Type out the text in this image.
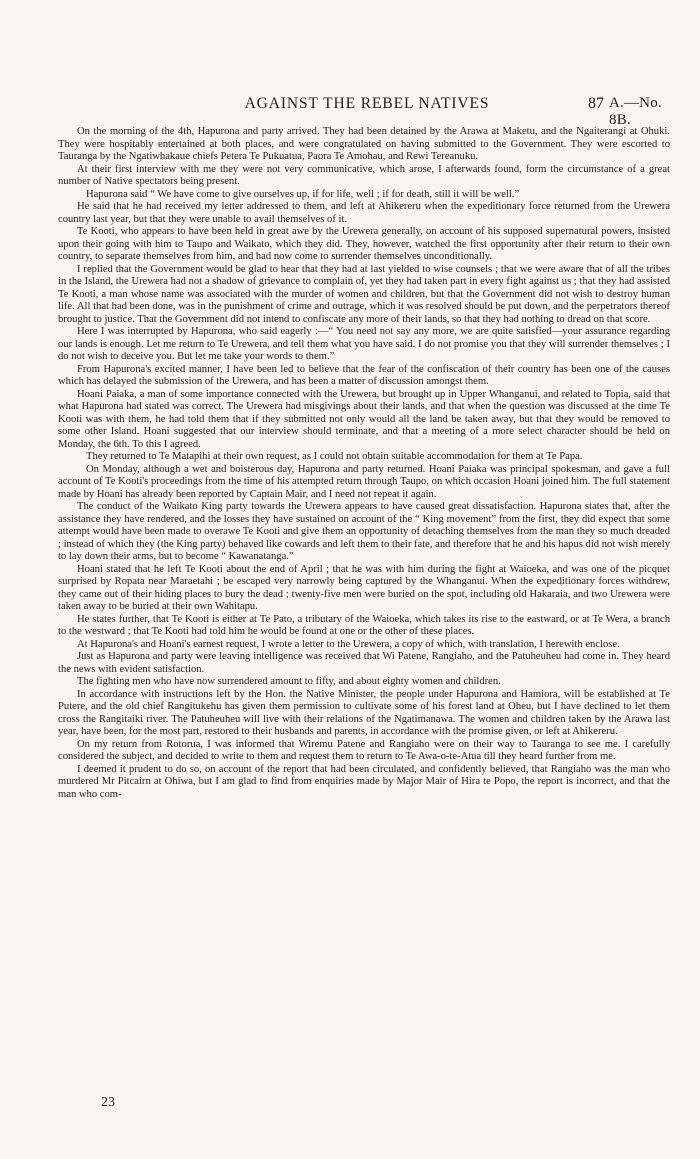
AGAINST THE REBEL NATIVES	87 A.—No. 8B.

On the morning of the 4th, Hapurona and party arrived. They had been detained by the Arawa at Maketu, and the Ngaiterangi at Ohuki. They were hospitably entertained at both places, and were congratulated on having submitted to the Government. They were escorted to Tauranga by the Ngatiwhakaue chiefs Petera Te Pukuatua, Paora Te Amohau, and Rewi Tereanuku.

At their first interview with me they were not very communicative, which arose, I afterwards found, form the circumstance of a great number of Native spectators being present.

Hapurona said “ We have come to give ourselves up, if for life, well ; if for death, still it will be well.”

He said that he had received my letter addressed to them, and left at Ahikereru when the expeditionary force returned from the Urewera country last year, but that they were unable to avail themselves of it.

Te Kooti, who appears to have been held in great awe by the Urewera generally, on account of his supposed supernatural powers, insisted upon their going with him to Taupo and Waikato, which they did. They, however, watched the first opportunity after their return to their own country, to separate themselves from him, and had now come to surrender themselves unconditionally.

I replied that the Government would be glad to hear that they had at last yielded to wise counsels ; that we were aware that of all the tribes in the Island, the Urewera had not a shadow of grievance to complain of, yet they had taken part in every fight against us ; that they had assisted Te Kooti, a man whose name was associated with the murder of women and children, but that the Government did not wish to destroy human life. All that had been done, was in the punishment of crime and outrage, which it was resolved should be put down, and the perpetrators thereof brought to justice. That the Government did not intend to confiscate any more of their lands, so that they had nothing to dread on that score.

Here I was interrupted by Hapurona, who said eagerly :—“ You need not say any more, we are quite satisfied—your assurance regarding our lands is enough. Let me return to Te Urewera, and tell them what you have said. I do not promise you that they will surrender themselves ; I do not wish to deceive you. But let me take your words to them.”

From Hapurona's excited manner, I have been led to believe that the fear of the confiscation of their country has been one of the causes which has delayed the submission of the Urewera, and has been a matter of discussion amongst them.

Hoani Paiaka, a man of some importance connected with the Urewera, but brought up in Upper Whanganui, and related to Topia, said that what Hapurona had stated was correct. The Urewera had misgivings about their lands, and that when the question was discussed at the time Te Kooti was with them, he had told them that if they submitted not only would all the land be taken away, but that they would be removed to some other Island. Hoani suggested that our interview should terminate, and that a meeting of a more select character should be held on Monday, the 6th. To this I agreed.

They returned to Te Matapihi at their own request, as I could not obtain suitable accommodation for them at Te Papa.

On Monday, although a wet and boisterous day, Hapurona and party returned. Hoani Paiaka was principal spokesman, and gave a full account of Te Kooti's proceedings from the time of his attempted return through Taupo, on which occasion Hoani joined him. The full statement made by Hoani has already been reported by Captain Mair, and I need not repeat it again.

The conduct of the Waikato King party towards the Urewera appears to have caused great dissatisfaction. Hapurona states that, after the assistance they have rendered, and the losses they have sustained on account of the “ King movement” from the first, they did expect that some attempt would have been made to overawe Te Kooti and give them an opportunity of detaching themselves from the man they so much dreaded ; instead of which they (the King party) behaved like cowards and left them to their fate, and therefore that he and his hapus did not wish merely to lay down their arms, but to become “ Kawanatanga.”

Hoani stated that he left Te Kooti about the end of April ; that he was with him during the fight at Waioeka, and was one of the picquet surprised by Ropata near Maraetahi ; be escaped very narrowly being captured by the Whanganui. When the expeditionary forces withdrew, they came out of their hiding places to bury the dead ; twenty-five men were buried on the spot, including old Hakaraia, and two Urewera were taken away to be buried at their own Wahitapu.

He states further, that Te Kooti is either at Te Pato, a tributary of the Waioeka, which takes its rise to the eastward, or at Te Wera, a branch to the westward ; that Te Kooti had told him he would be found at one or the other of these places.

At Hapurona's and Hoani's earnest request, I wrote a letter to the Urewera, a copy of which, with translation, I herewith enclose.

Just as Hapurona and party were leaving intelligence was received that Wi Patene, Rangiaho, and the Patuheuheu had come in. They heard the news with evident satisfaction.

The fighting men who have now surrendered amount to fifty, and about eighty women and children.

In accordance with instructions left by the Hon. the Native Minister, the people under Hapurona and Hamiora, will be established at Te Putere, and the old chief Rangitukehu has given them permission to cultivate some of his forest land at Oheu, but I have declined to let them cross the Rangitaiki river. The Patuheuheu will live with their relations of the Ngatimanawa. The women and children taken by the Arawa last year, have been, for the most part, restored to their husbands and parents, in accordance with the promise given, or left at Ahikereru.

On my return from Rotorua, I was informed that Wiremu Patene and Rangiaho were on their way to Tauranga to see me. I carefully considered the subject, and decided to write to them and request them to return to Te Awa-o-te-Atua till they heard further from me.

I deemed it prudent to do so, on account of the report that had been circulated, and confidently believed, that Rangiaho was the man who murdered Mr Pitcairn at Ohiwa, but I am glad to find from enquiries made by Major Mair of Hira te Popo, the report is incorrect, and that the man who com-

23
